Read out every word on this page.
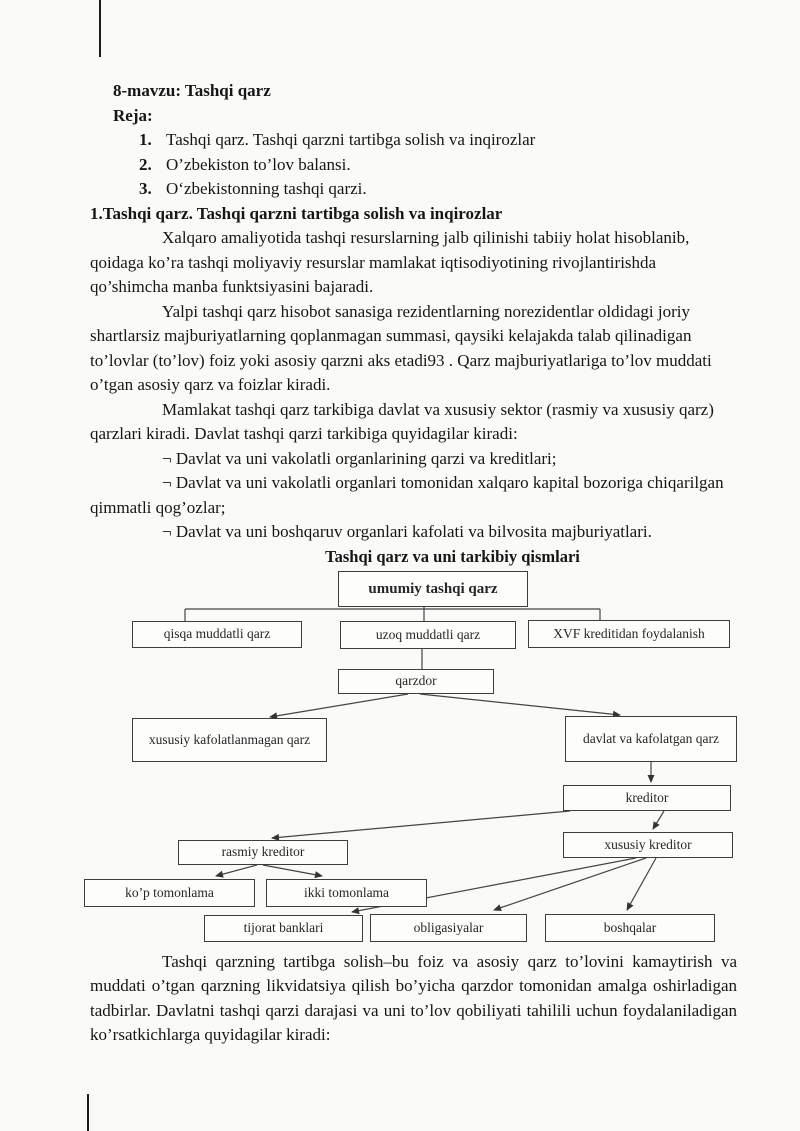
8-mavzu: Tashqi qarz
Reja:
1. Tashqi qarz. Tashqi qarzni tartibga solish va inqirozlar
2. O’zbekiston to’lov balansi.
3. O‘zbekistonning tashqi qarzi.
1.Tashqi qarz. Tashqi qarzni tartibga solish va inqirozlar

Xalqaro amaliyotida tashqi resurslarning jalb qilinishi tabiiy holat hisoblanib, qoidaga ko’ra tashqi moliyaviy resurslar mamlakat iqtisodiyotining rivojlantirishda qo’shimcha manba funktsiyasini bajaradi.

Yalpi tashqi qarz hisobot sanasiga rezidentlarning norezidentlar oldidagi joriy shartlarsiz majburiyatlarning qoplanmagan summasi, qaysiki kelajakda talab qilinadigan to’lovlar (to’lov) foiz yoki asosiy qarzni aks etadi93 . Qarz majburiyatlariga to’lov muddati o’tgan asosiy qarz va foizlar kiradi.

Mamlakat tashqi qarz tarkibiga davlat va xususiy sektor (rasmiy va xususiy qarz) qarzlari kiradi. Davlat tashqi qarzi tarkibiga quyidagilar kiradi:

¬ Davlat va uni vakolatli organlarining qarzi va kreditlari;

¬ Davlat va uni vakolatli organlari tomonidan xalqaro kapital bozoriga chiqarilgan qimmatli qog’ozlar;

¬ Davlat va uni boshqaruv organlari kafolati va bilvosita majburiyatlari.

Tashqi qarz va uni tarkibiy qismlari
umumiy tashqi qarz
qisqa muddatli qarz	uzoq muddatli qarz	XVF kreditidan foydalanish
qarzdor
xususiy kafolatlanmagan qarz	davlat va kafolatgan qarz
kreditor
rasmiy kreditor	xususiy kreditor
ko’p tomonlama	ikki tomonlama
tijorat banklari	obligasiyalar	boshqalar

Tashqi qarzning tartibga solish–bu foiz va asosiy qarz to’lovini kamaytirish va muddati o’tgan qarzning likvidatsiya qilish bo’yicha qarzdor tomonidan amalga oshirladigan tadbirlar. Davlatni tashqi qarzi darajasi va uni to’lov qobiliyati tahilili uchun foydalaniladigan ko’rsatkichlarga quyidagilar kiradi:
